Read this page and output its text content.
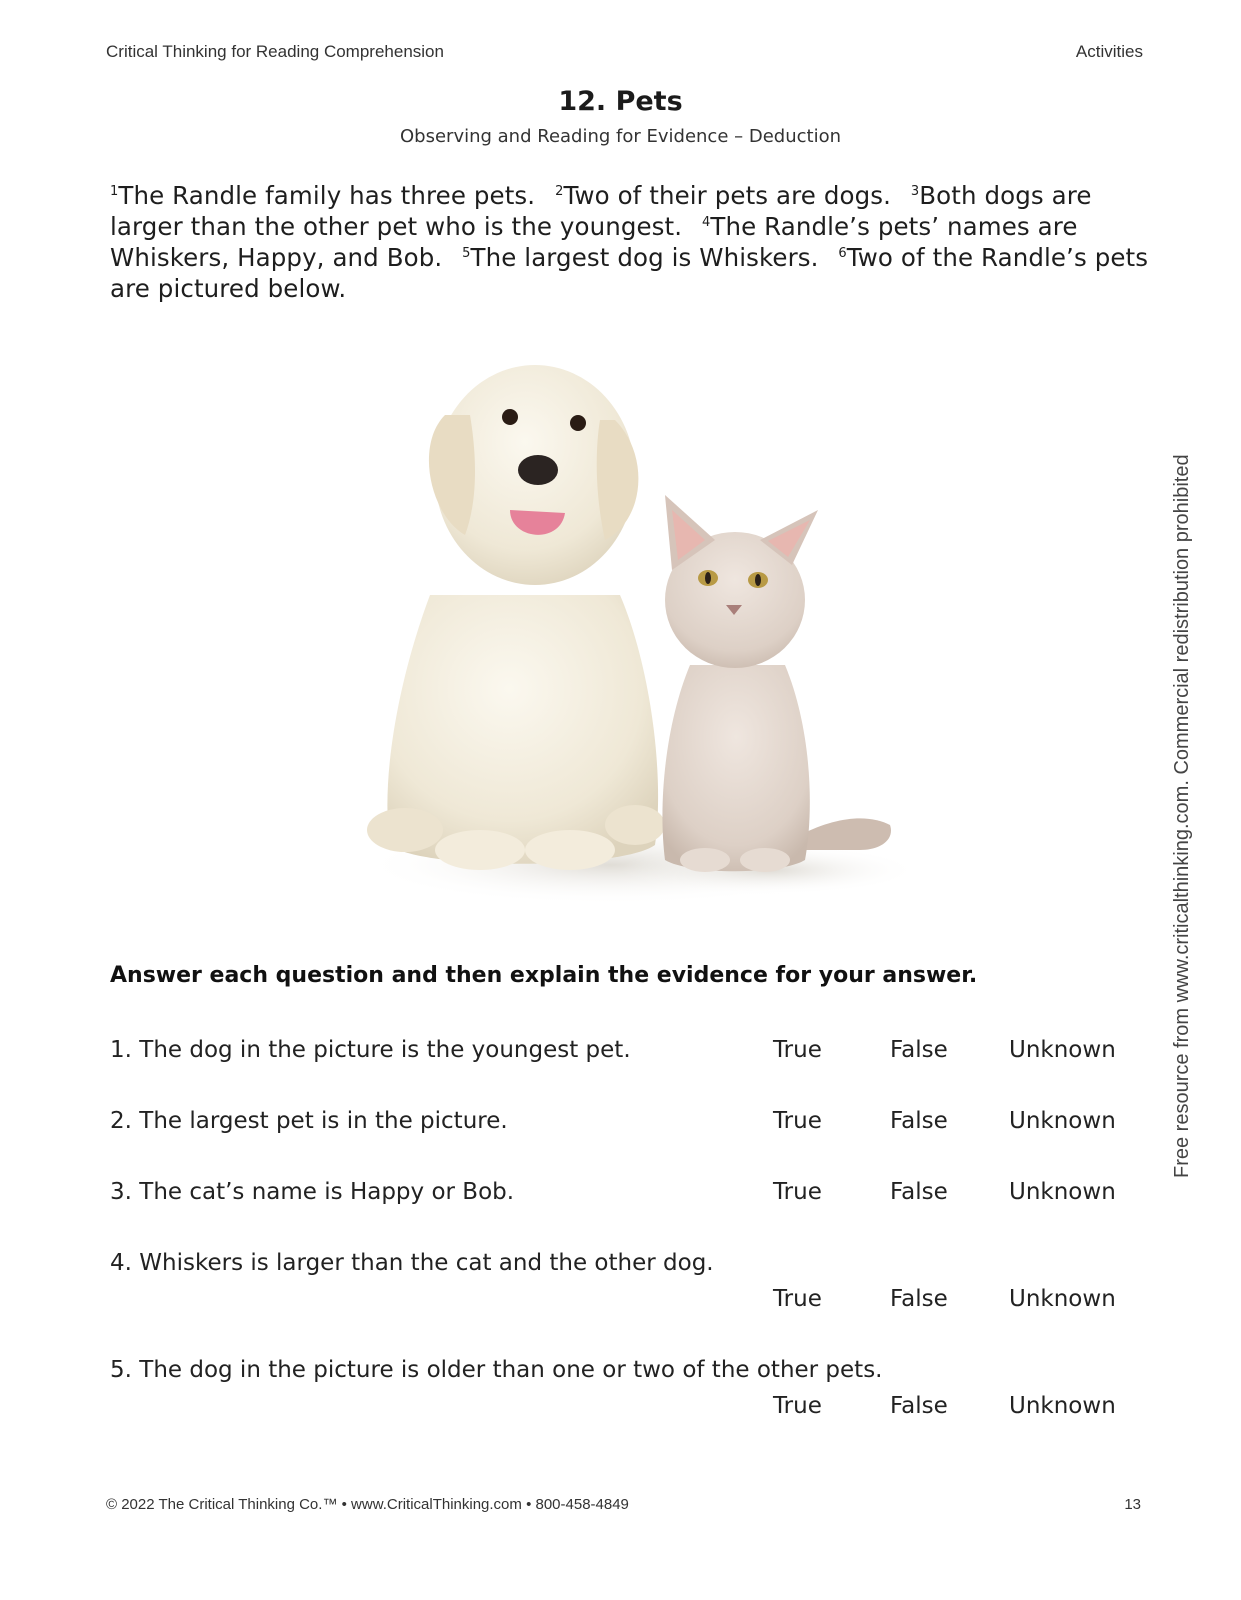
Critical Thinking for Reading Comprehension	Activities
12. Pets
Observing and Reading for Evidence – Deduction
$^1$The Randle family has three pets. $^2$Two of their pets are dogs. $^3$Both dogs are larger than the other pet who is the youngest. $^4$The Randle’s pets’ names are Whiskers, Happy, and Bob. $^5$The largest dog is Whiskers. $^6$Two of the Randle’s pets are pictured below.
Answer each question and then explain the evidence for your answer.
1. The dog in the picture is the youngest pet.	True	False	Unknown
2. The largest pet is in the picture.	True	False	Unknown
3. The cat’s name is Happy or Bob.	True	False	Unknown
4. Whiskers is larger than the cat and the other dog.
True	False	Unknown
5. The dog in the picture is older than one or two of the other pets.
True	False	Unknown
Free resource from www.criticalthinking.com. Commercial redistribution prohibited
© 2022 The Critical Thinking Co.™ • www.CriticalThinking.com • 800-458-4849	13
